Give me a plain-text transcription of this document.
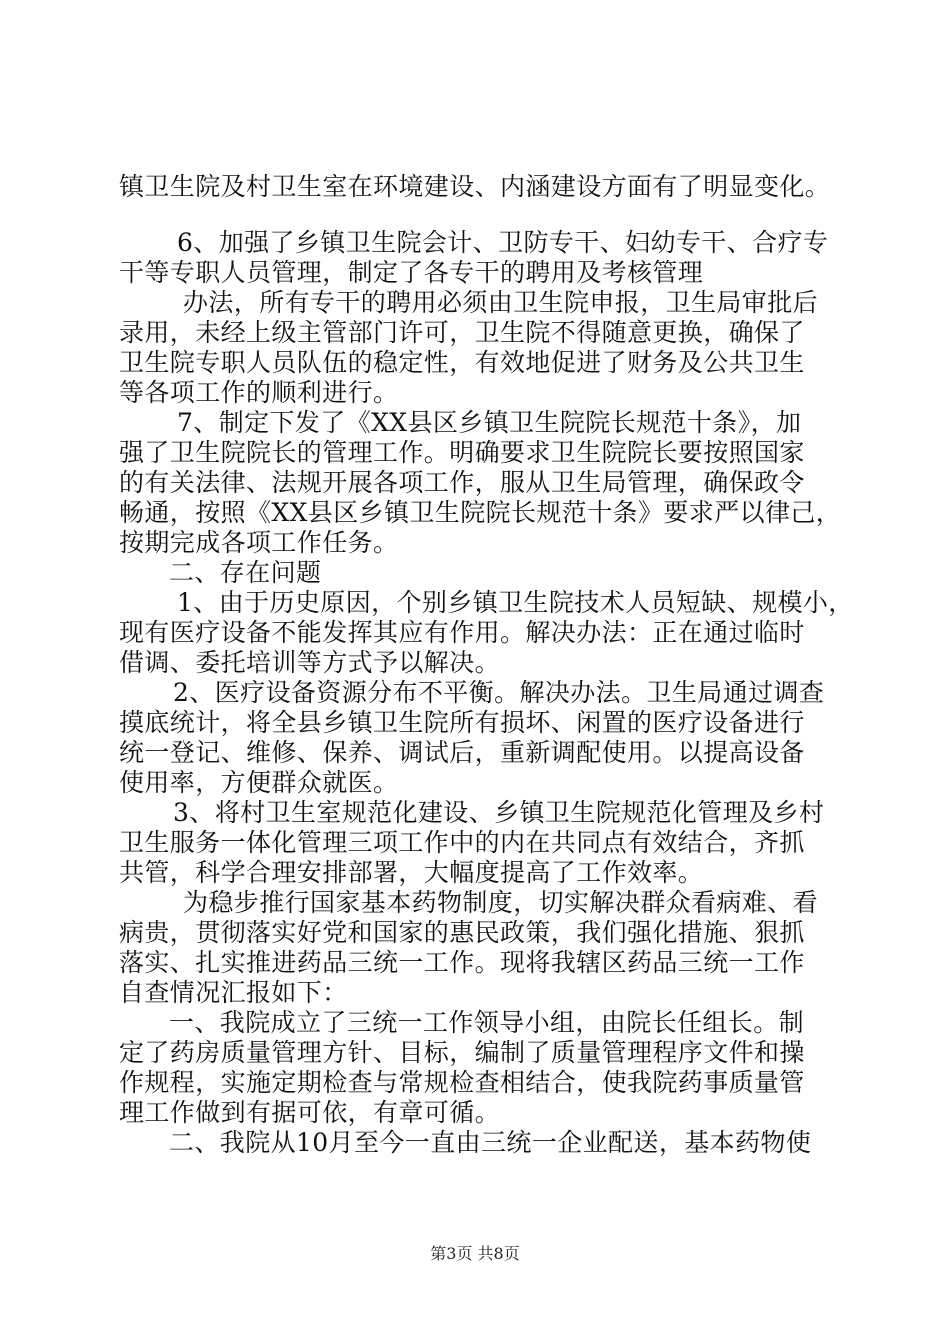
镇卫生院及村卫生室在环境建设、内涵建设方面有了明显变化。
6、加强了乡镇卫生院会计、卫防专干、妇幼专干、合疗专
干等专职人员管理，制定了各专干的聘用及考核管理
办法，所有专干的聘用必须由卫生院申报，卫生局审批后
录用，未经上级主管部门许可，卫生院不得随意更换，确保了
卫生院专职人员队伍的稳定性，有效地促进了财务及公共卫生
等各项工作的顺利进行。
7、制定下发了《XX县区乡镇卫生院院长规范十条》，加
强了卫生院院长的管理工作。明确要求卫生院院长要按照国家
的有关法律、法规开展各项工作，服从卫生局管理，确保政令
畅通，按照《XX县区乡镇卫生院院长规范十条》要求严以律己，
按期完成各项工作任务。
二、存在问题
1、由于历史原因，个别乡镇卫生院技术人员短缺、规模小，
现有医疗设备不能发挥其应有作用。解决办法：正在通过临时
借调、委托培训等方式予以解决。
2、医疗设备资源分布不平衡。解决办法。卫生局通过调查
摸底统计，将全县乡镇卫生院所有损坏、闲置的医疗设备进行
统一登记、维修、保养、调试后，重新调配使用。以提高设备
使用率，方便群众就医。
3、将村卫生室规范化建设、乡镇卫生院规范化管理及乡村
卫生服务一体化管理三项工作中的内在共同点有效结合，齐抓
共管，科学合理安排部署，大幅度提高了工作效率。
为稳步推行国家基本药物制度，切实解决群众看病难、看
病贵，贯彻落实好党和国家的惠民政策，我们强化措施、狠抓
落实、扎实推进药品三统一工作。现将我辖区药品三统一工作
自查情况汇报如下：
一、我院成立了三统一工作领导小组，由院长任组长。制
定了药房质量管理方针、目标，编制了质量管理程序文件和操
作规程，实施定期检查与常规检查相结合，使我院药事质量管
理工作做到有据可依，有章可循。
二、我院从10月至今一直由三统一企业配送，基本药物使
第3页 共8页
